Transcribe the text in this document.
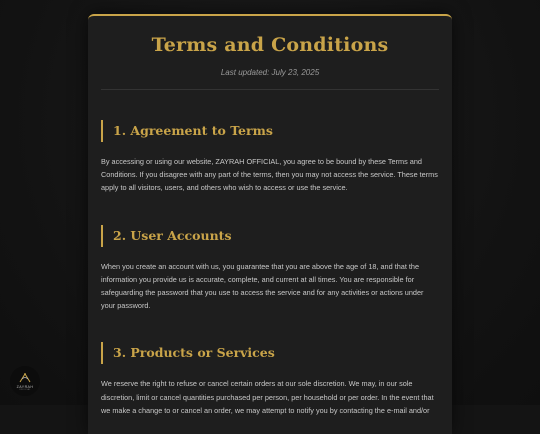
Terms and Conditions
Last updated: July 23, 2025
1. Agreement to Terms
By accessing or using our website, ZAYRAH OFFICIAL, you agree to be bound by these Terms and Conditions. If you disagree with any part of the terms, then you may not access the service. These terms apply to all visitors, users, and others who wish to access or use the service.
2. User Accounts
When you create an account with us, you guarantee that you are above the age of 18, and that the information you provide us is accurate, complete, and current at all times. You are responsible for safeguarding the password that you use to access the service and for any activities or actions under your password.
3. Products or Services
We reserve the right to refuse or cancel certain orders at our sole discretion. We may, in our sole discretion, limit or cancel quantities purchased per person, per household or per order. In the event that we make a change to or cancel an order, we may attempt to notify you by contacting the e-mail and/or
ZAYRAH
OFFICIAL
